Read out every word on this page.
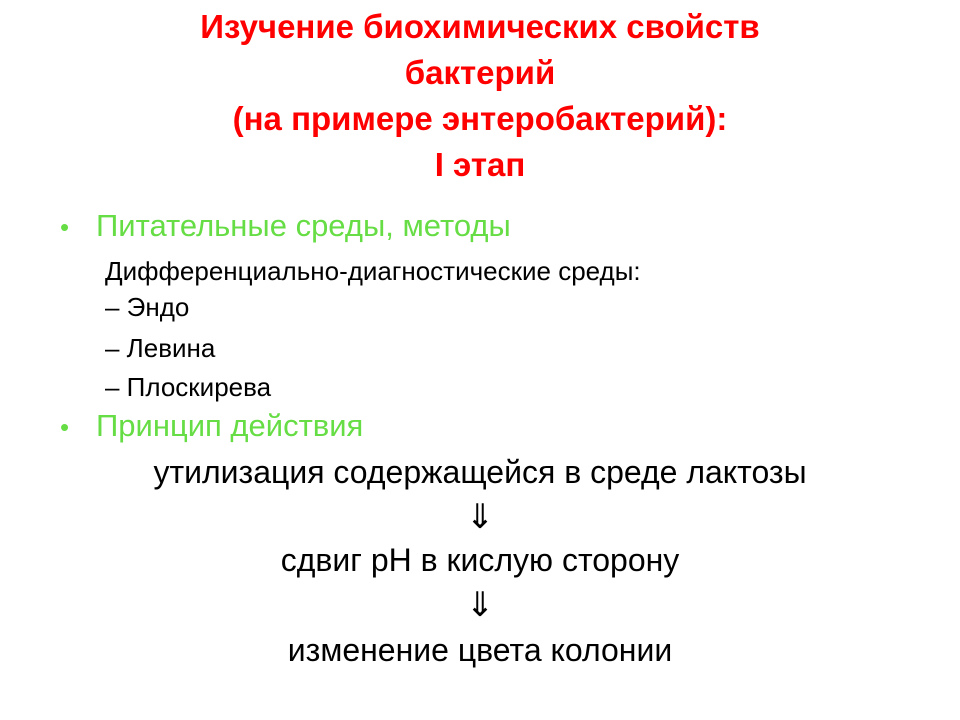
Изучение биохимических свойств
бактерий
(на примере энтеробактерий):
I этап
• Питательные среды, методы
Дифференциально-диагностические среды:
– Эндо
– Левина
– Плоскирева
• Принцип действия
утилизация содержащейся в среде лактозы
⇓
сдвиг рН в кислую сторону
⇓
изменение цвета колонии
